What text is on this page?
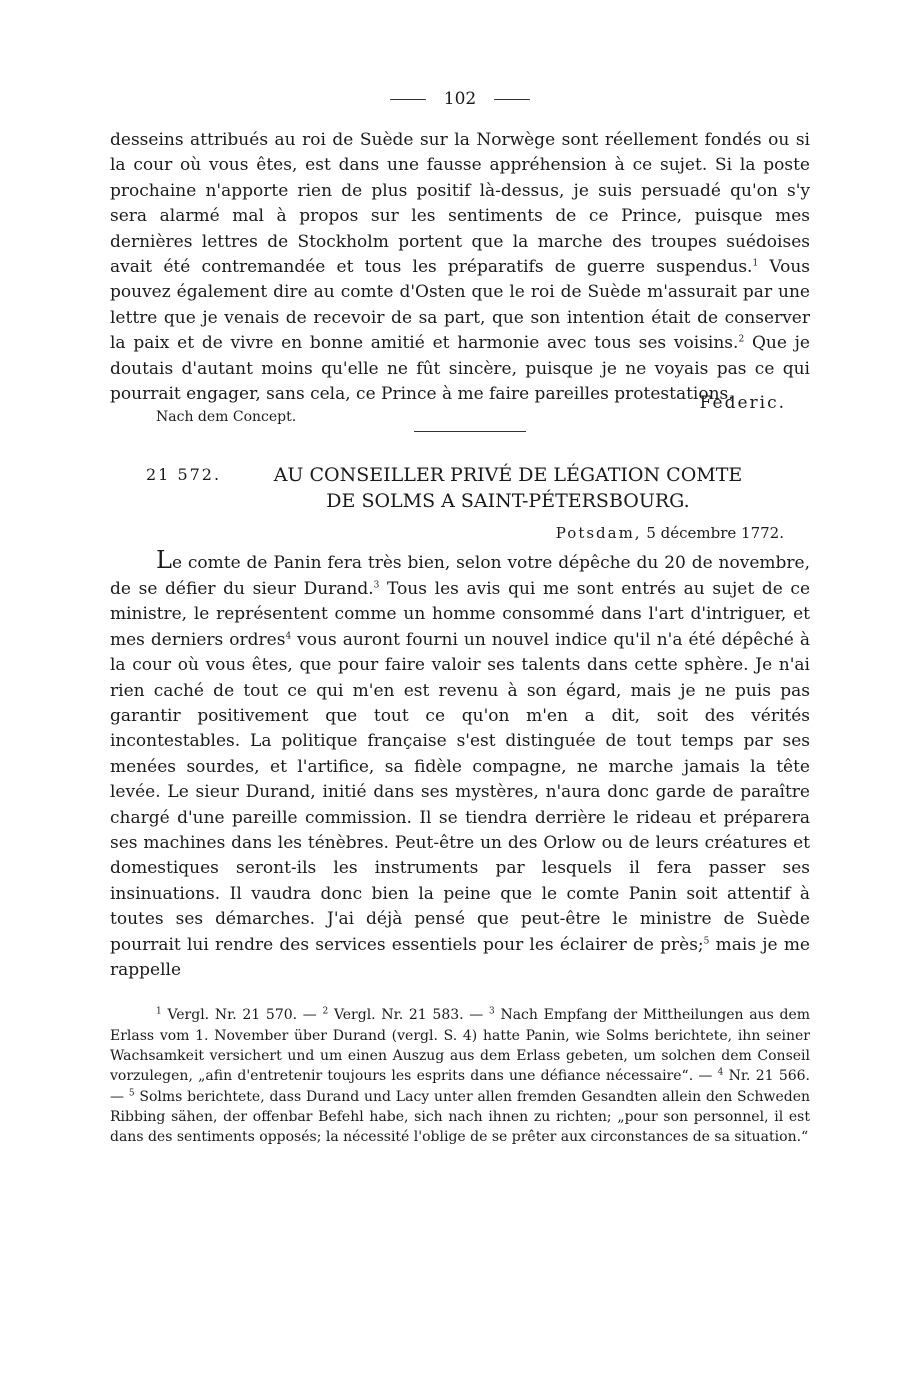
102

desseins attribués au roi de Suède sur la Norwège sont réellement fondés ou si la cour où vous êtes, est dans une fausse appréhension à ce sujet. Si la poste prochaine n'apporte rien de plus positif là-dessus, je suis persuadé qu'on s'y sera alarmé mal à propos sur les sentiments de ce Prince, puisque mes dernières lettres de Stockholm portent que la marche des troupes suédoises avait été contremandée et tous les préparatifs de guerre suspendus.$^1$ Vous pouvez également dire au comte d'Osten que le roi de Suède m'assurait par une lettre que je venais de recevoir de sa part, que son intention était de conserver la paix et de vivre en bonne amitié et harmonie avec tous ses voisins.$^2$ Que je doutais d'autant moins qu'elle ne fût sincère, puisque je ne voyais pas ce qui pourrait engager, sans cela, ce Prince à me faire pareilles protestations.

Nach dem Concept.
Federic.
21 572.	AU CONSEILLER PRIVÉ DE LÉGATION COMTE
DE SOLMS A SAINT-PÉTERSBOURG.
Potsdam, 5 décembre 1772.

Le comte de Panin fera très bien, selon votre dépêche du 20 de novembre, de se défier du sieur Durand.$^3$ Tous les avis qui me sont entrés au sujet de ce ministre, le représentent comme un homme consommé dans l'art d'intriguer, et mes derniers ordres$^4$ vous auront fourni un nouvel indice qu'il n'a été dépêché à la cour où vous êtes, que pour faire valoir ses talents dans cette sphère. Je n'ai rien caché de tout ce qui m'en est revenu à son égard, mais je ne puis pas garantir positivement que tout ce qu'on m'en a dit, soit des vérités incontestables. La politique française s'est distinguée de tout temps par ses menées sourdes, et l'artifice, sa fidèle compagne, ne marche jamais la tête levée. Le sieur Durand, initié dans ses mystères, n'aura donc garde de paraître chargé d'une pareille commission. Il se tiendra derrière le rideau et préparera ses machines dans les ténèbres. Peut-être un des Orlow ou de leurs créatures et domestiques seront-ils les instruments par lesquels il fera passer ses insinuations. Il vaudra donc bien la peine que le comte Panin soit attentif à toutes ses démarches. J'ai déjà pensé que peut-être le ministre de Suède pourrait lui rendre des services essentiels pour les éclairer de près;$^5$ mais je me rappelle

$^1$ Vergl. Nr. 21 570. — $^2$ Vergl. Nr. 21 583. — $^3$ Nach Empfang der Mittheilungen aus dem Erlass vom 1. November über Durand (vergl. S. 4) hatte Panin, wie Solms berichtete, ihn seiner Wachsamkeit versichert und um einen Auszug aus dem Erlass gebeten, um solchen dem Conseil vorzulegen, „afin d'entretenir toujours les esprits dans une défiance nécessaire“. — $^4$ Nr. 21 566. — $^5$ Solms berichtete, dass Durand und Lacy unter allen fremden Gesandten allein den Schweden Ribbing sähen, der offenbar Befehl habe, sich nach ihnen zu richten; „pour son personnel, il est dans des sentiments opposés; la nécessité l'oblige de se prêter aux circonstances de sa situation.“
